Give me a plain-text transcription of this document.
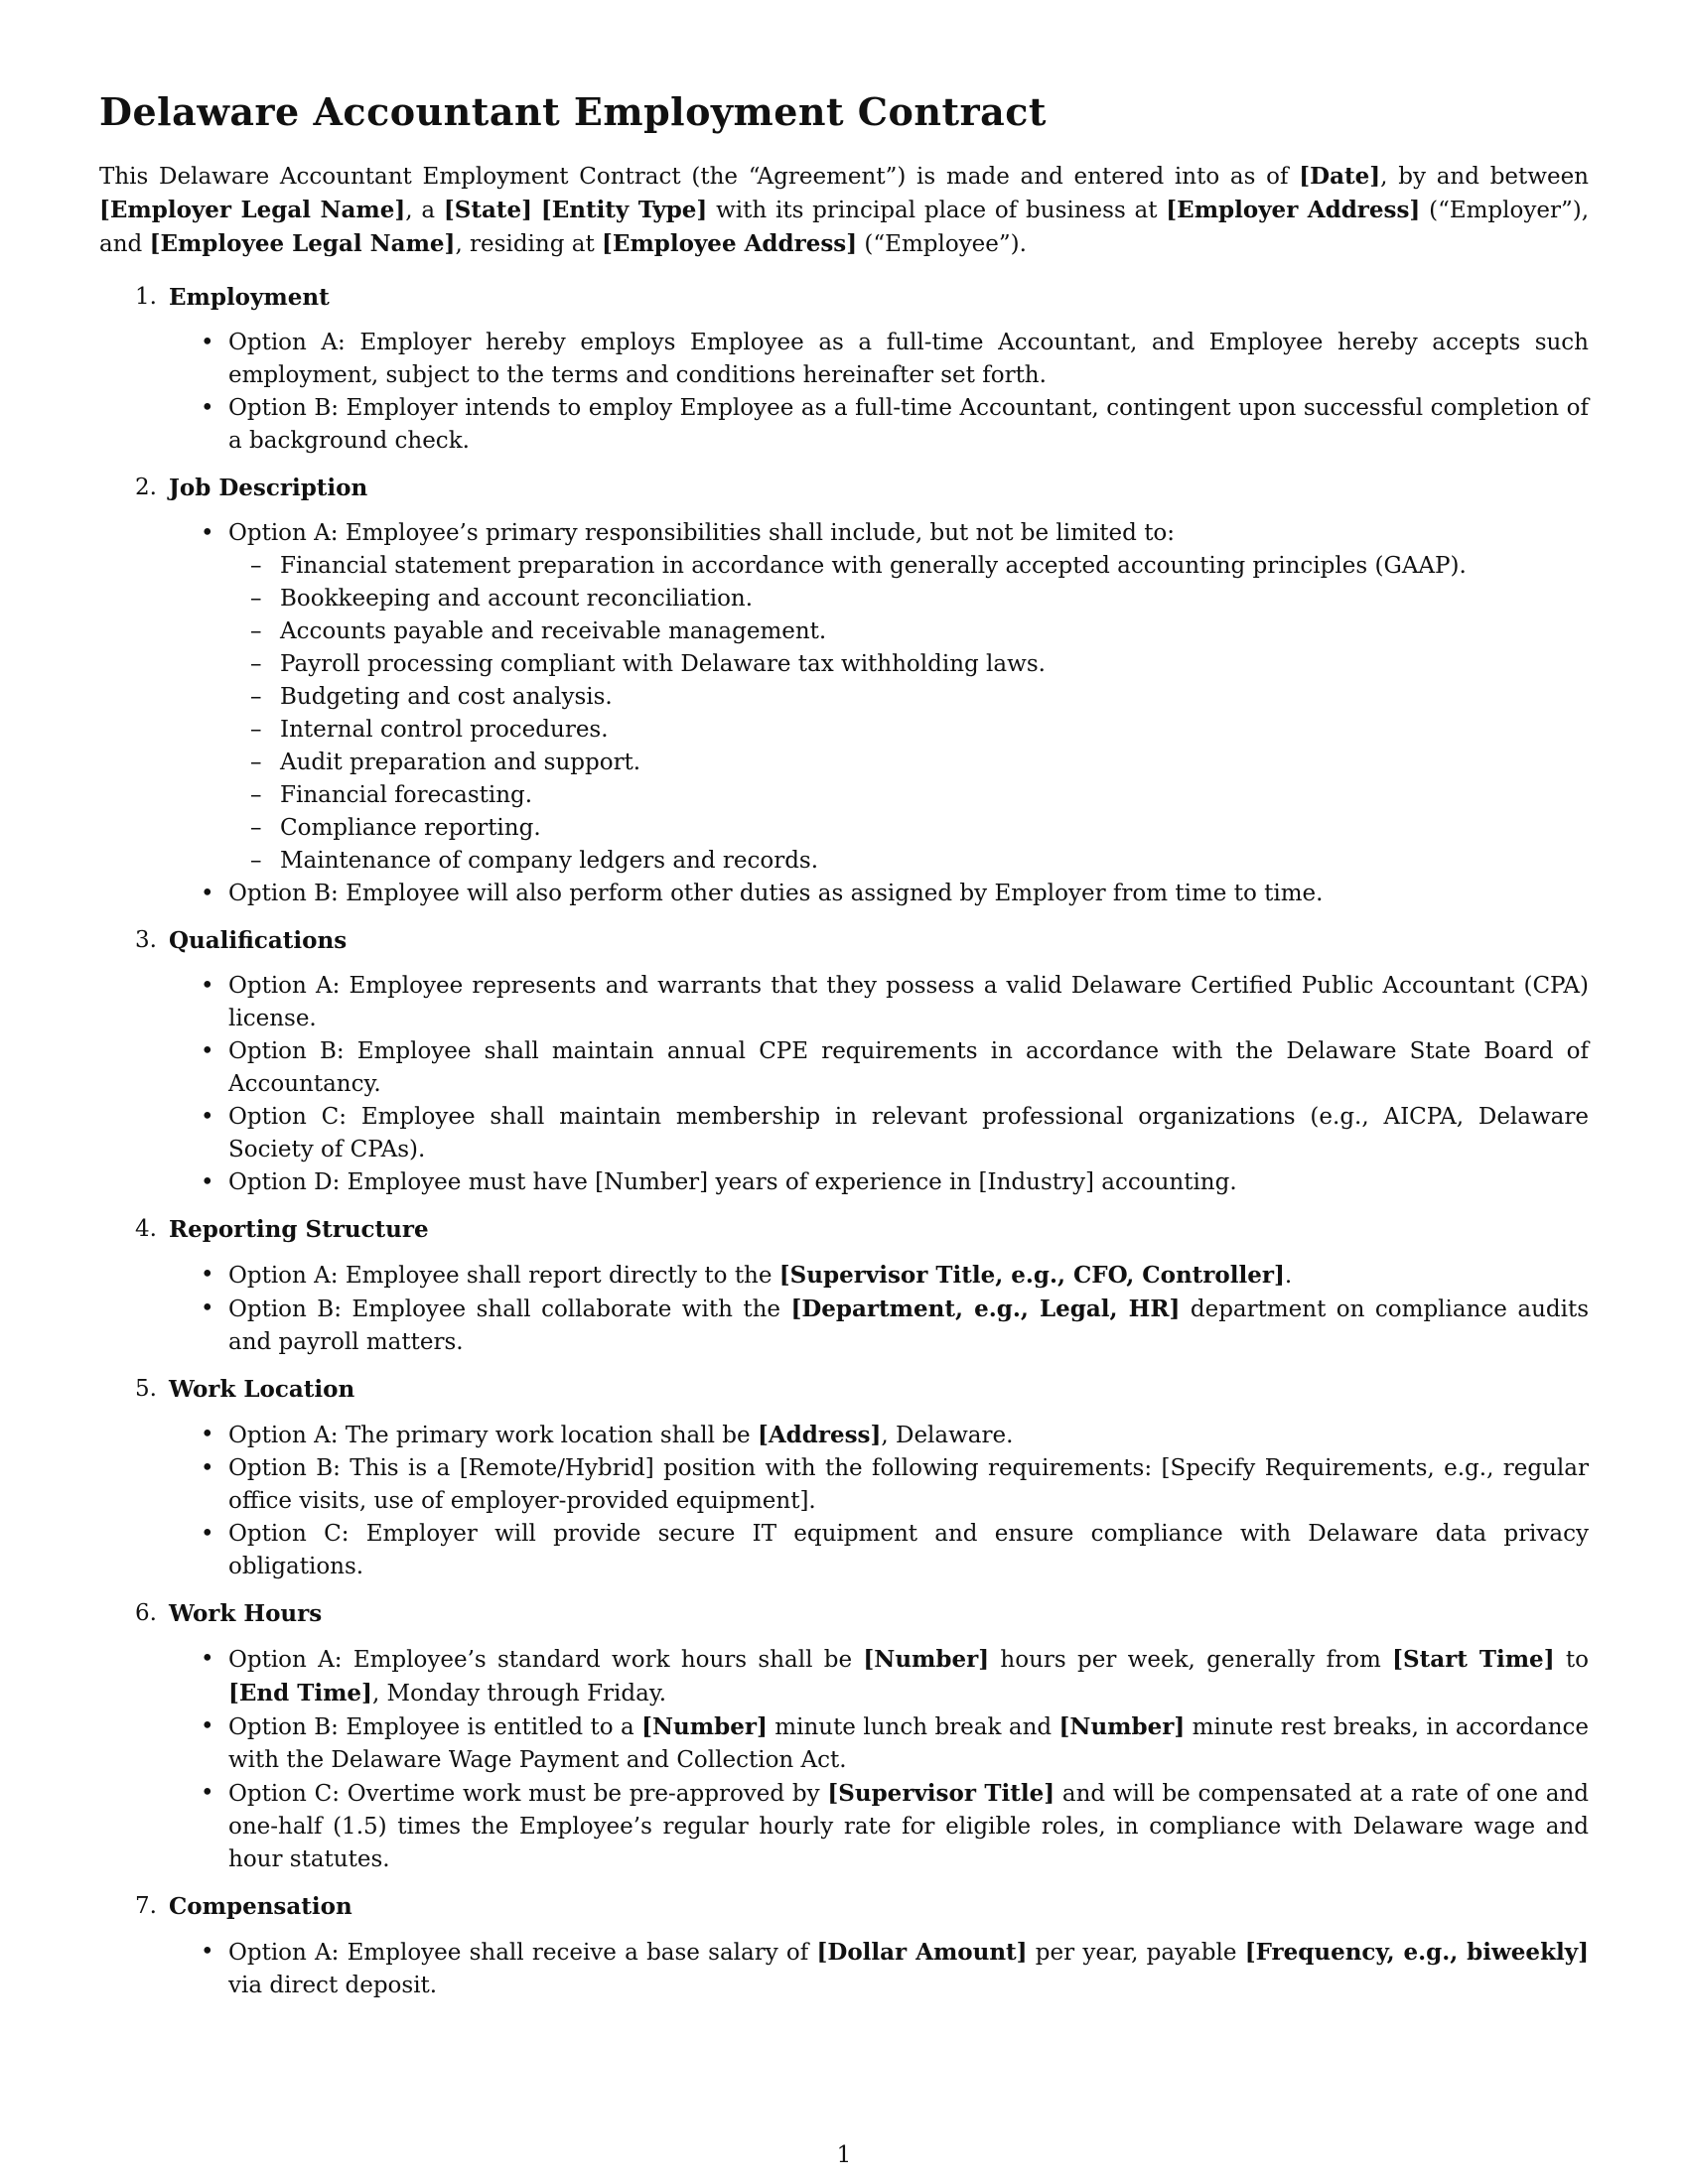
Delaware Accountant Employment Contract

This Delaware Accountant Employment Contract (the “Agreement”) is made and entered into as of [Date], by and between [Employer Legal Name], a [State] [Entity Type] with its principal place of business at [Employer Address] (“Employer”), and [Employee Legal Name], residing at [Employee Address] (“Employee”).

1. Employment
• Option A: Employer hereby employs Employee as a full-time Accountant, and Employee hereby accepts such employment, subject to the terms and conditions hereinafter set forth.
• Option B: Employer intends to employ Employee as a full-time Accountant, contingent upon successful completion of a background check.
2. Job Description
• Option A: Employee’s primary responsibilities shall include, but not be limited to:
– Financial statement preparation in accordance with generally accepted accounting principles (GAAP).
– Bookkeeping and account reconciliation.
– Accounts payable and receivable management.
– Payroll processing compliant with Delaware tax withholding laws.
– Budgeting and cost analysis.
– Internal control procedures.
– Audit preparation and support.
– Financial forecasting.
– Compliance reporting.
– Maintenance of company ledgers and records.
• Option B: Employee will also perform other duties as assigned by Employer from time to time.
3. Qualifications
• Option A: Employee represents and warrants that they possess a valid Delaware Certified Public Accountant (CPA) license.
• Option B: Employee shall maintain annual CPE requirements in accordance with the Delaware State Board of Accountancy.
• Option C: Employee shall maintain membership in relevant professional organizations (e.g., AICPA, Delaware Society of CPAs).
• Option D: Employee must have [Number] years of experience in [Industry] accounting.
4. Reporting Structure
• Option A: Employee shall report directly to the [Supervisor Title, e.g., CFO, Controller].
• Option B: Employee shall collaborate with the [Department, e.g., Legal, HR] department on compliance audits and payroll matters.
5. Work Location
• Option A: The primary work location shall be [Address], Delaware.
• Option B: This is a [Remote/Hybrid] position with the following requirements: [Specify Requirements, e.g., regular office visits, use of employer-provided equipment].
• Option C: Employer will provide secure IT equipment and ensure compliance with Delaware data privacy obligations.
6. Work Hours
• Option A: Employee’s standard work hours shall be [Number] hours per week, generally from [Start Time] to [End Time], Monday through Friday.
• Option B: Employee is entitled to a [Number] minute lunch break and [Number] minute rest breaks, in accordance with the Delaware Wage Payment and Collection Act.
• Option C: Overtime work must be pre-approved by [Supervisor Title] and will be compensated at a rate of one and one-half (1.5) times the Employee’s regular hourly rate for eligible roles, in compliance with Delaware wage and hour statutes.
7. Compensation
• Option A: Employee shall receive a base salary of [Dollar Amount] per year, payable [Frequency, e.g., biweekly] via direct deposit.
1
